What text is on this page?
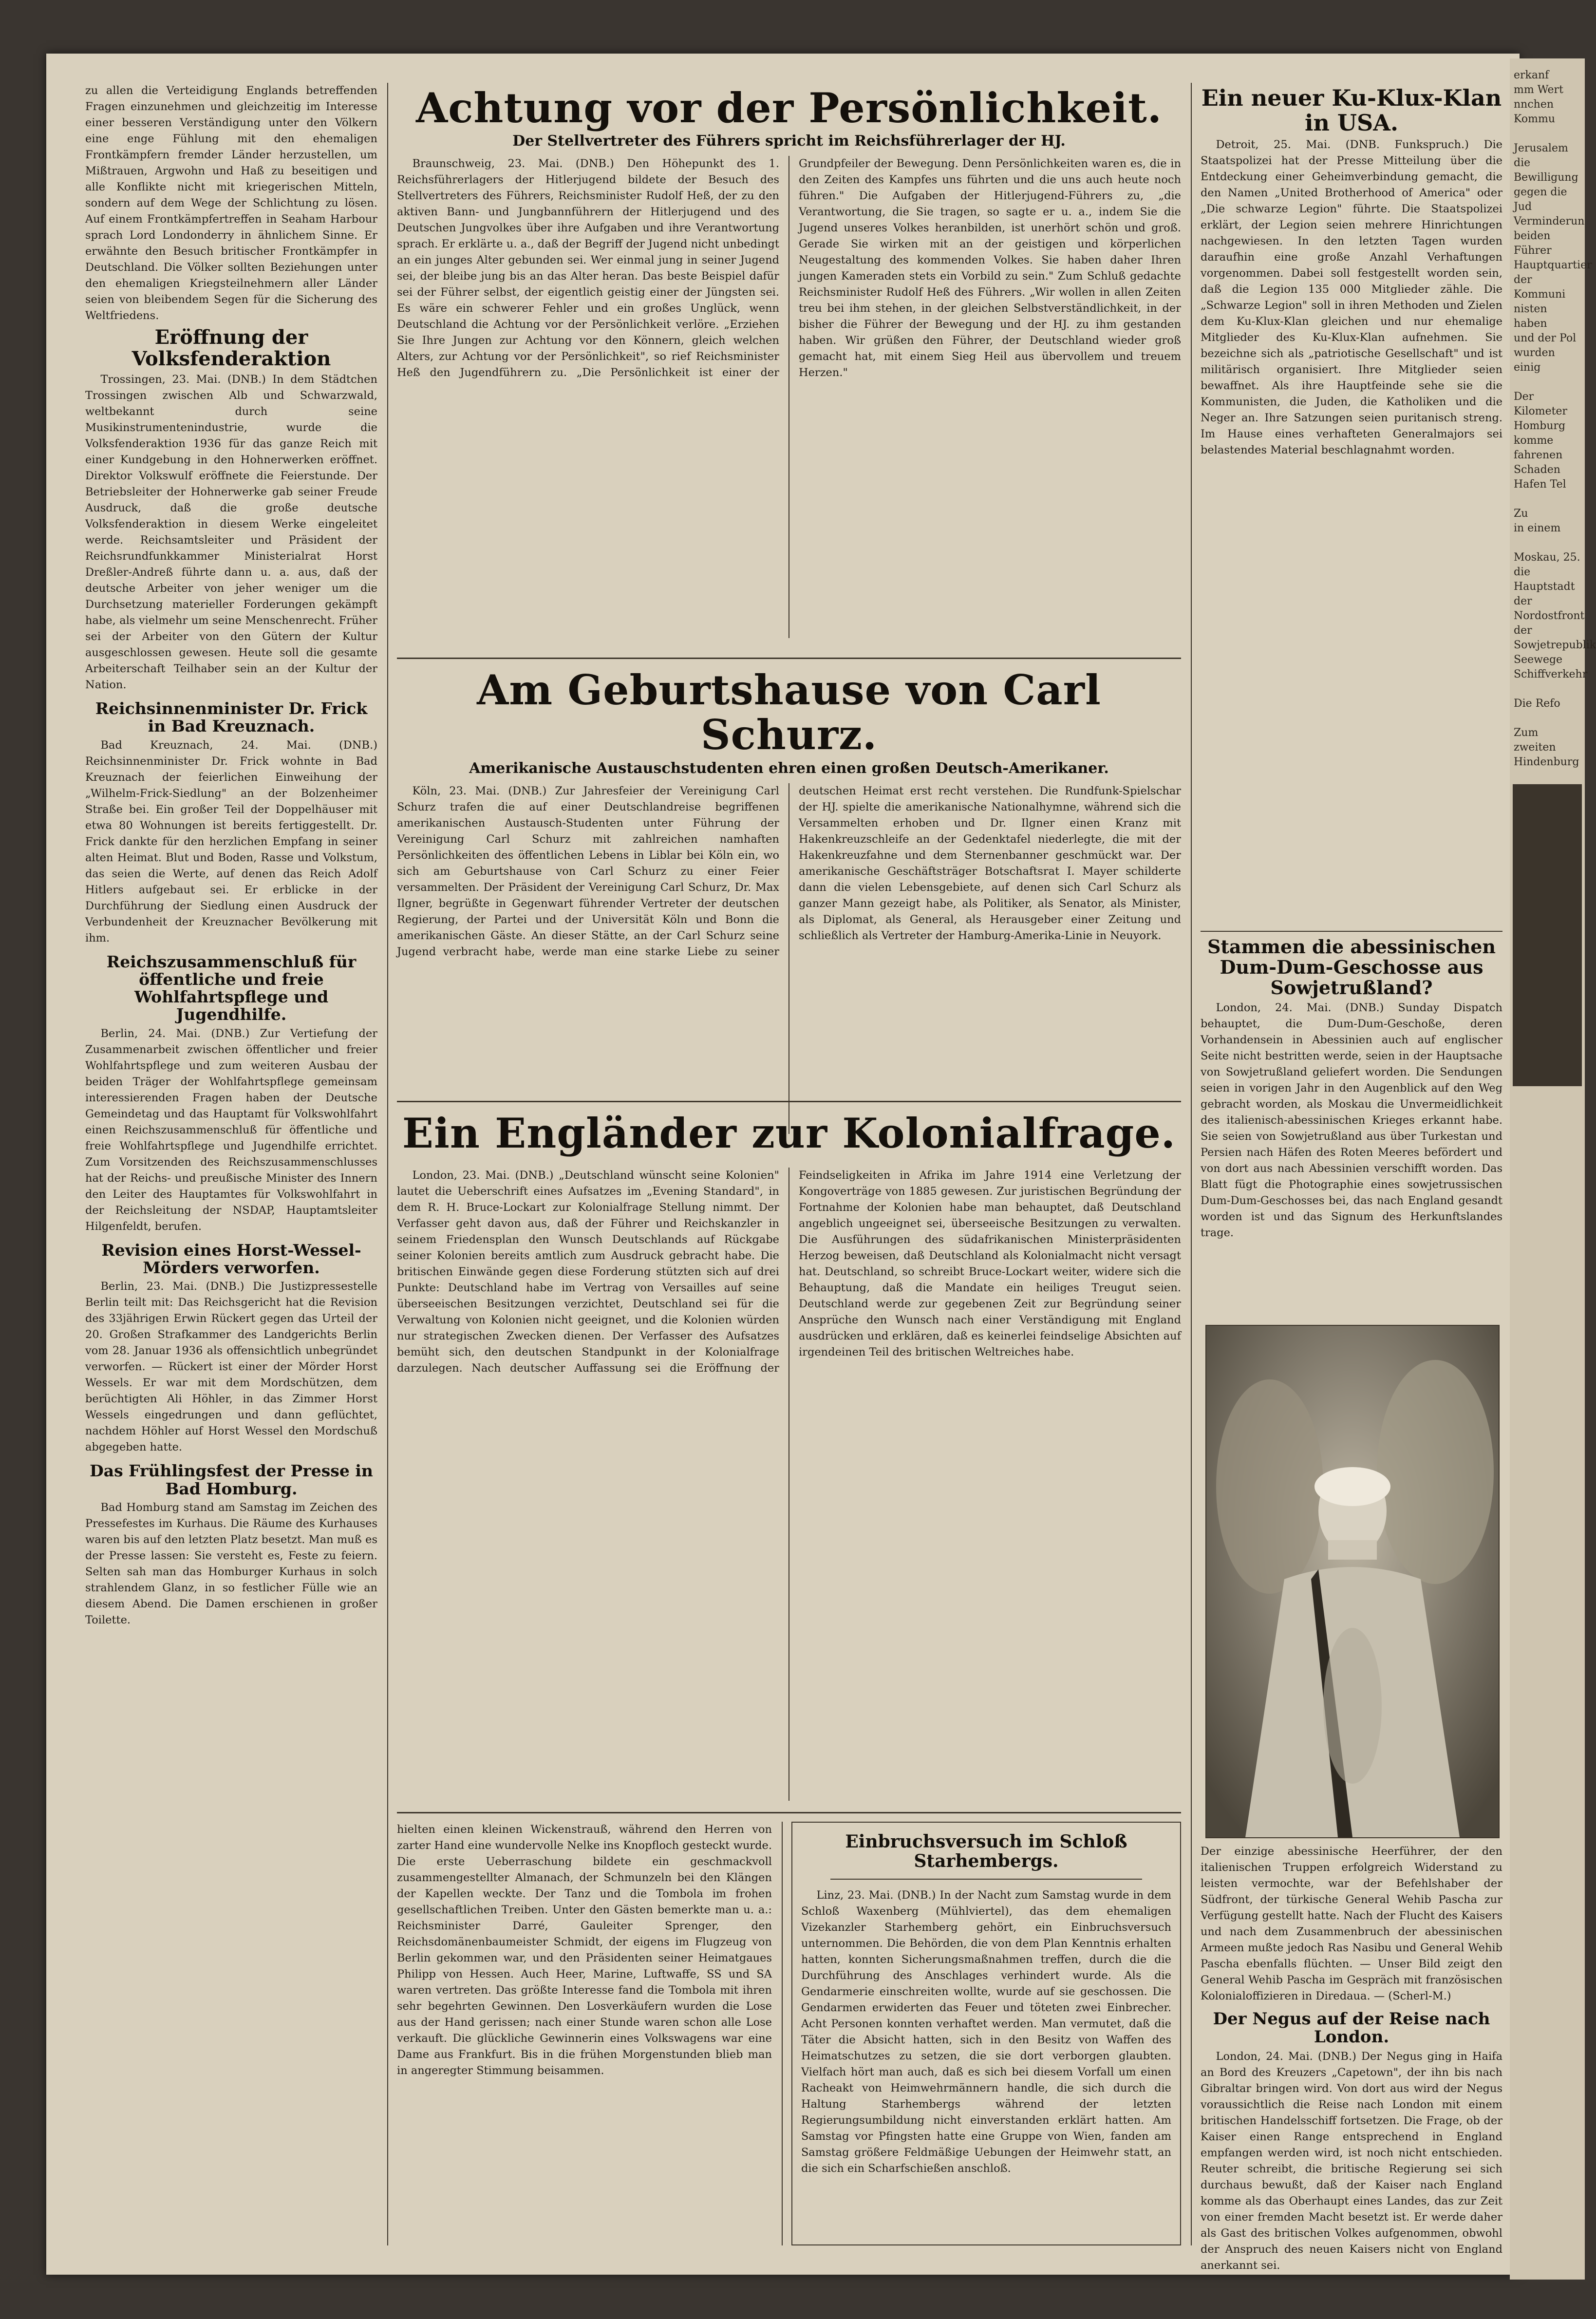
zu allen die Verteidigung Englands betreffenden Fragen einzunehmen und gleichzeitig im Interesse einer besseren Verständigung unter den Völkern eine enge Fühlung mit den ehemaligen Frontkämpfern fremder Länder herzustellen, um Mißtrauen, Argwohn und Haß zu beseitigen und alle Konflikte nicht mit kriegerischen Mitteln, sondern auf dem Wege der Schlichtung zu lösen. Auf einem Frontkämpfertreffen in Seaham Harbour sprach Lord Londonderry in ähnlichem Sinne. Er erwähnte den Besuch britischer Frontkämpfer in Deutschland. Die Völker sollten Beziehungen unter den ehemaligen Kriegsteilnehmern aller Länder seien von bleibendem Segen für die Sicherung des Weltfriedens.

Eröffnung der Volksfenderaktion

Trossingen, 23. Mai. (DNB.) In dem Städtchen Trossingen zwischen Alb und Schwarzwald, weltbekannt durch seine Musikinstrumentenindustrie, wurde die Volksfenderaktion 1936 für das ganze Reich mit einer Kundgebung in den Hohnerwerken eröffnet. Direktor Volkswulf eröffnete die Feierstunde. Der Betriebsleiter der Hohnerwerke gab seiner Freude Ausdruck, daß die große deutsche Volksfenderaktion in diesem Werke eingeleitet werde. Reichsamtsleiter und Präsident der Reichsrundfunkkammer Ministerialrat Horst Dreßler-Andreß führte dann u. a. aus, daß der deutsche Arbeiter von jeher weniger um die Durchsetzung materieller Forderungen gekämpft habe, als vielmehr um seine Menschenrecht. Früher sei der Arbeiter von den Gütern der Kultur ausgeschlossen gewesen. Heute soll die gesamte Arbeiterschaft Teilhaber sein an der Kultur der Nation.

Reichsinnenminister Dr. Frick in Bad Kreuznach.

Bad Kreuznach, 24. Mai. (DNB.) Reichsinnenminister Dr. Frick wohnte in Bad Kreuznach der feierlichen Einweihung der „Wilhelm-Frick-Siedlung" an der Bolzenheimer Straße bei. Ein großer Teil der Doppelhäuser mit etwa 80 Wohnungen ist bereits fertiggestellt. Dr. Frick dankte für den herzlichen Empfang in seiner alten Heimat. Blut und Boden, Rasse und Volkstum, das seien die Werte, auf denen das Reich Adolf Hitlers aufgebaut sei. Er erblicke in der Durchführung der Siedlung einen Ausdruck der Verbundenheit der Kreuznacher Bevölkerung mit ihm.

Reichszusammenschluß für öffentliche und freie Wohlfahrtspflege und Jugendhilfe.

Berlin, 24. Mai. (DNB.) Zur Vertiefung der Zusammenarbeit zwischen öffentlicher und freier Wohlfahrtspflege und zum weiteren Ausbau der beiden Träger der Wohlfahrtspflege gemeinsam interessierenden Fragen haben der Deutsche Gemeindetag und das Hauptamt für Volkswohlfahrt einen Reichszusammenschluß für öffentliche und freie Wohlfahrtspflege und Jugendhilfe errichtet. Zum Vorsitzenden des Reichszusammenschlusses hat der Reichs- und preußische Minister des Innern den Leiter des Hauptamtes für Volkswohlfahrt in der Reichsleitung der NSDAP, Hauptamtsleiter Hilgenfeldt, berufen.

Revision eines Horst-Wessel-Mörders verworfen.

Berlin, 23. Mai. (DNB.) Die Justizpressestelle Berlin teilt mit: Das Reichsgericht hat die Revision des 33jährigen Erwin Rückert gegen das Urteil der 20. Großen Strafkammer des Landgerichts Berlin vom 28. Januar 1936 als offensichtlich unbegründet verworfen. — Rückert ist einer der Mörder Horst Wessels. Er war mit dem Mordschützen, dem berüchtigten Ali Höhler, in das Zimmer Horst Wessels eingedrungen und dann geflüchtet, nachdem Höhler auf Horst Wessel den Mordschuß abgegeben hatte.

Das Frühlingsfest der Presse in Bad Homburg.

Bad Homburg stand am Samstag im Zeichen des Pressefestes im Kurhaus. Die Räume des Kurhauses waren bis auf den letzten Platz besetzt. Man muß es der Presse lassen: Sie versteht es, Feste zu feiern. Selten sah man das Homburger Kurhaus in solch strahlendem Glanz, in so festlicher Fülle wie an diesem Abend. Die Damen erschienen in großer Toilette.

Achtung vor der Persönlichkeit.
Der Stellvertreter des Führers spricht im Reichsführerlager der HJ.

Braunschweig, 23. Mai. (DNB.) Den Höhepunkt des 1. Reichsführerlagers der Hitlerjugend bildete der Besuch des Stellvertreters des Führers, Reichsminister Rudolf Heß, der zu den aktiven Bann- und Jungbannführern der Hitlerjugend und des Deutschen Jungvolkes über ihre Aufgaben und ihre Verantwortung sprach. Er erklärte u. a., daß der Begriff der Jugend nicht unbedingt an ein junges Alter gebunden sei. Wer einmal jung in seiner Jugend sei, der bleibe jung bis an das Alter heran. Das beste Beispiel dafür sei der Führer selbst, der eigentlich geistig einer der Jüngsten sei. Es wäre ein schwerer Fehler und ein großes Unglück, wenn Deutschland die Achtung vor der Persönlichkeit verlöre. „Erziehen Sie Ihre Jungen zur Achtung vor den Könnern, gleich welchen Alters, zur Achtung vor der Persönlichkeit", so rief Reichsminister Heß den Jugendführern zu. „Die Persönlichkeit ist einer der Grundpfeiler der Bewegung. Denn Persönlichkeiten waren es, die in den Zeiten des Kampfes uns führten und die uns auch heute noch führen." Die Aufgaben der Hitlerjugend-Führers zu, „die Verantwortung, die Sie tragen, so sagte er u. a., indem Sie die Jugend unseres Volkes heranbilden, ist unerhört schön und groß. Gerade Sie wirken mit an der geistigen und körperlichen Neugestaltung des kommenden Volkes. Sie haben daher Ihren jungen Kameraden stets ein Vorbild zu sein." Zum Schluß gedachte Reichsminister Rudolf Heß des Führers. „Wir wollen in allen Zeiten treu bei ihm stehen, in der gleichen Selbstverständlichkeit, in der bisher die Führer der Bewegung und der HJ. zu ihm gestanden haben. Wir grüßen den Führer, der Deutschland wieder groß gemacht hat, mit einem Sieg Heil aus übervollem und treuem Herzen."

Am Geburtshause von Carl Schurz.
Amerikanische Austauschstudenten ehren einen großen Deutsch-Amerikaner.

Köln, 23. Mai. (DNB.) Zur Jahresfeier der Vereinigung Carl Schurz trafen die auf einer Deutschlandreise begriffenen amerikanischen Austausch-Studenten unter Führung der Vereinigung Carl Schurz mit zahlreichen namhaften Persönlichkeiten des öffentlichen Lebens in Liblar bei Köln ein, wo sich am Geburtshause von Carl Schurz zu einer Feier versammelten. Der Präsident der Vereinigung Carl Schurz, Dr. Max Ilgner, begrüßte in Gegenwart führender Vertreter der deutschen Regierung, der Partei und der Universität Köln und Bonn die amerikanischen Gäste. An dieser Stätte, an der Carl Schurz seine Jugend verbracht habe, werde man eine starke Liebe zu seiner deutschen Heimat erst recht verstehen. Die Rundfunk-Spielschar der HJ. spielte die amerikanische Nationalhymne, während sich die Versammelten erhoben und Dr. Ilgner einen Kranz mit Hakenkreuzschleife an der Gedenktafel niederlegte, die mit der Hakenkreuzfahne und dem Sternenbanner geschmückt war. Der amerikanische Geschäftsträger Botschaftsrat I. Mayer schilderte dann die vielen Lebensgebiete, auf denen sich Carl Schurz als ganzer Mann gezeigt habe, als Politiker, als Senator, als Minister, als Diplomat, als General, als Herausgeber einer Zeitung und schließlich als Vertreter der Hamburg-Amerika-Linie in Neuyork.

Ein Engländer zur Kolonialfrage.

London, 23. Mai. (DNB.) „Deutschland wünscht seine Kolonien" lautet die Ueberschrift eines Aufsatzes im „Evening Standard", in dem R. H. Bruce-Lockart zur Kolonialfrage Stellung nimmt. Der Verfasser geht davon aus, daß der Führer und Reichskanzler in seinem Friedensplan den Wunsch Deutschlands auf Rückgabe seiner Kolonien bereits amtlich zum Ausdruck gebracht habe. Die britischen Einwände gegen diese Forderung stützten sich auf drei Punkte: Deutschland habe im Vertrag von Versailles auf seine überseeischen Besitzungen verzichtet, Deutschland sei für die Verwaltung von Kolonien nicht geeignet, und die Kolonien würden nur strategischen Zwecken dienen. Der Verfasser des Aufsatzes bemüht sich, den deutschen Standpunkt in der Kolonialfrage darzulegen. Nach deutscher Auffassung sei die Eröffnung der Feindseligkeiten in Afrika im Jahre 1914 eine Verletzung der Kongoverträge von 1885 gewesen. Zur juristischen Begründung der Fortnahme der Kolonien habe man behauptet, daß Deutschland angeblich ungeeignet sei, überseeische Besitzungen zu verwalten. Die Ausführungen des südafrikanischen Ministerpräsidenten Herzog beweisen, daß Deutschland als Kolonialmacht nicht versagt hat. Deutschland, so schreibt Bruce-Lockart weiter, widere sich die Behauptung, daß die Mandate ein heiliges Treugut seien. Deutschland werde zur gegebenen Zeit zur Begründung seiner Ansprüche den Wunsch nach einer Verständigung mit England ausdrücken und erklären, daß es keinerlei feindselige Absichten auf irgendeinen Teil des britischen Weltreiches habe.

hielten einen kleinen Wickenstrauß, während den Herren von zarter Hand eine wundervolle Nelke ins Knopfloch gesteckt wurde. Die erste Ueberraschung bildete ein geschmackvoll zusammengestellter Almanach, der Schmunzeln bei den Klängen der Kapellen weckte. Der Tanz und die Tombola im frohen gesellschaftlichen Treiben. Unter den Gästen bemerkte man u. a.: Reichsminister Darré, Gauleiter Sprenger, den Reichsdomänenbaumeister Schmidt, der eigens im Flugzeug von Berlin gekommen war, und den Präsidenten seiner Heimatgaues Philipp von Hessen. Auch Heer, Marine, Luftwaffe, SS und SA waren vertreten. Das größte Interesse fand die Tombola mit ihren sehr begehrten Gewinnen. Den Losverkäufern wurden die Lose aus der Hand gerissen; nach einer Stunde waren schon alle Lose verkauft. Die glückliche Gewinnerin eines Volkswagens war eine Dame aus Frankfurt. Bis in die frühen Morgenstunden blieb man in angeregter Stimmung beisammen.

Einbruchsversuch im Schloß Starhembergs.

Linz, 23. Mai. (DNB.) In der Nacht zum Samstag wurde in dem Schloß Waxenberg (Mühlviertel), das dem ehemaligen Vizekanzler Starhemberg gehört, ein Einbruchsversuch unternommen. Die Behörden, die von dem Plan Kenntnis erhalten hatten, konnten Sicherungsmaßnahmen treffen, durch die die Durchführung des Anschlages verhindert wurde. Als die Gendarmerie einschreiten wollte, wurde auf sie geschossen. Die Gendarmen erwiderten das Feuer und töteten zwei Einbrecher. Acht Personen konnten verhaftet werden. Man vermutet, daß die Täter die Absicht hatten, sich in den Besitz von Waffen des Heimatschutzes zu setzen, die sie dort verborgen glaubten. Vielfach hört man auch, daß es sich bei diesem Vorfall um einen Racheakt von Heimwehrmännern handle, die sich durch die Haltung Starhembergs während der letzten Regierungsumbildung nicht einverstanden erklärt hatten. Am Samstag vor Pfingsten hatte eine Gruppe von Wien, fanden am Samstag größere Feldmäßige Uebungen der Heimwehr statt, an die sich ein Scharfschießen anschloß.

Ein neuer Ku-Klux-Klan in USA.

Detroit, 25. Mai. (DNB. Funkspruch.) Die Staatspolizei hat der Presse Mitteilung über die Entdeckung einer Geheimverbindung gemacht, die den Namen „United Brotherhood of America" oder „Die schwarze Legion" führte. Die Staatspolizei erklärt, der Legion seien mehrere Hinrichtungen nachgewiesen. In den letzten Tagen wurden daraufhin eine große Anzahl Verhaftungen vorgenommen. Dabei soll festgestellt worden sein, daß die Legion 135 000 Mitglieder zähle. Die „Schwarze Legion" soll in ihren Methoden und Zielen dem Ku-Klux-Klan gleichen und nur ehemalige Mitglieder des Ku-Klux-Klan aufnehmen. Sie bezeichne sich als „patriotische Gesellschaft" und ist militärisch organisiert. Ihre Mitglieder seien bewaffnet. Als ihre Hauptfeinde sehe sie die Kommunisten, die Juden, die Katholiken und die Neger an. Ihre Satzungen seien puritanisch streng. Im Hause eines verhafteten Generalmajors sei belastendes Material beschlagnahmt worden.

Stammen die abessinischen Dum-Dum-Geschosse aus Sowjetrußland?

London, 24. Mai. (DNB.) Sunday Dispatch behauptet, die Dum-Dum-Geschoße, deren Vorhandensein in Abessinien auch auf englischer Seite nicht bestritten werde, seien in der Hauptsache von Sowjetrußland geliefert worden. Die Sendungen seien in vorigen Jahr in den Augenblick auf den Weg gebracht worden, als Moskau die Unvermeidlichkeit des italienisch-abessinischen Krieges erkannt habe. Sie seien von Sowjetrußland aus über Turkestan und Persien nach Häfen des Roten Meeres befördert und von dort aus nach Abessinien verschifft worden. Das Blatt fügt die Photographie eines sowjetrussischen Dum-Dum-Geschosses bei, das nach England gesandt worden ist und das Signum des Herkunftslandes trage.

Der einzige abessinische Heerführer, der den italienischen Truppen erfolgreich Widerstand zu leisten vermochte, war der Befehlshaber der Südfront, der türkische General Wehib Pascha zur Verfügung gestellt hatte. Nach der Flucht des Kaisers und nach dem Zusammenbruch der abessinischen Armeen mußte jedoch Ras Nasibu und General Wehib Pascha ebenfalls flüchten. — Unser Bild zeigt den General Wehib Pascha im Gespräch mit französischen Kolonialoffizieren in Diredaua. — (Scherl-M.)
Der Negus auf der Reise nach London.

London, 24. Mai. (DNB.) Der Negus ging in Haifa an Bord des Kreuzers „Capetown", der ihn bis nach Gibraltar bringen wird. Von dort aus wird der Negus voraussichtlich die Reise nach London mit einem britischen Handelsschiff fortsetzen. Die Frage, ob der Kaiser einen Range entsprechend in England empfangen werden wird, ist noch nicht entschieden. Reuter schreibt, die britische Regierung sei sich durchaus bewußt, daß der Kaiser nach England komme als das Oberhaupt eines Landes, das zur Zeit von einer fremden Macht besetzt ist. Er werde daher als Gast des britischen Volkes aufgenommen, obwohl der Anspruch des neuen Kaisers nicht von England anerkannt sei.

erkanf
mm Wert
nnchen
Kommu

Jerusalem
die Bewilligung
gegen die Jud
Verminderun
beiden Führer
Hauptquartier
der Kommuni
nisten haben
und der Pol
wurden einig

Der Kilometer
Homburg komme
fahrenen Schaden
Hafen Tel

Zu
in einem

Moskau, 25.
die Hauptstadt
der Nordostfront
der Sowjetrepublik
Seewege
Schiffverkehr

Die Refo

Zum zweiten
Hindenburg
